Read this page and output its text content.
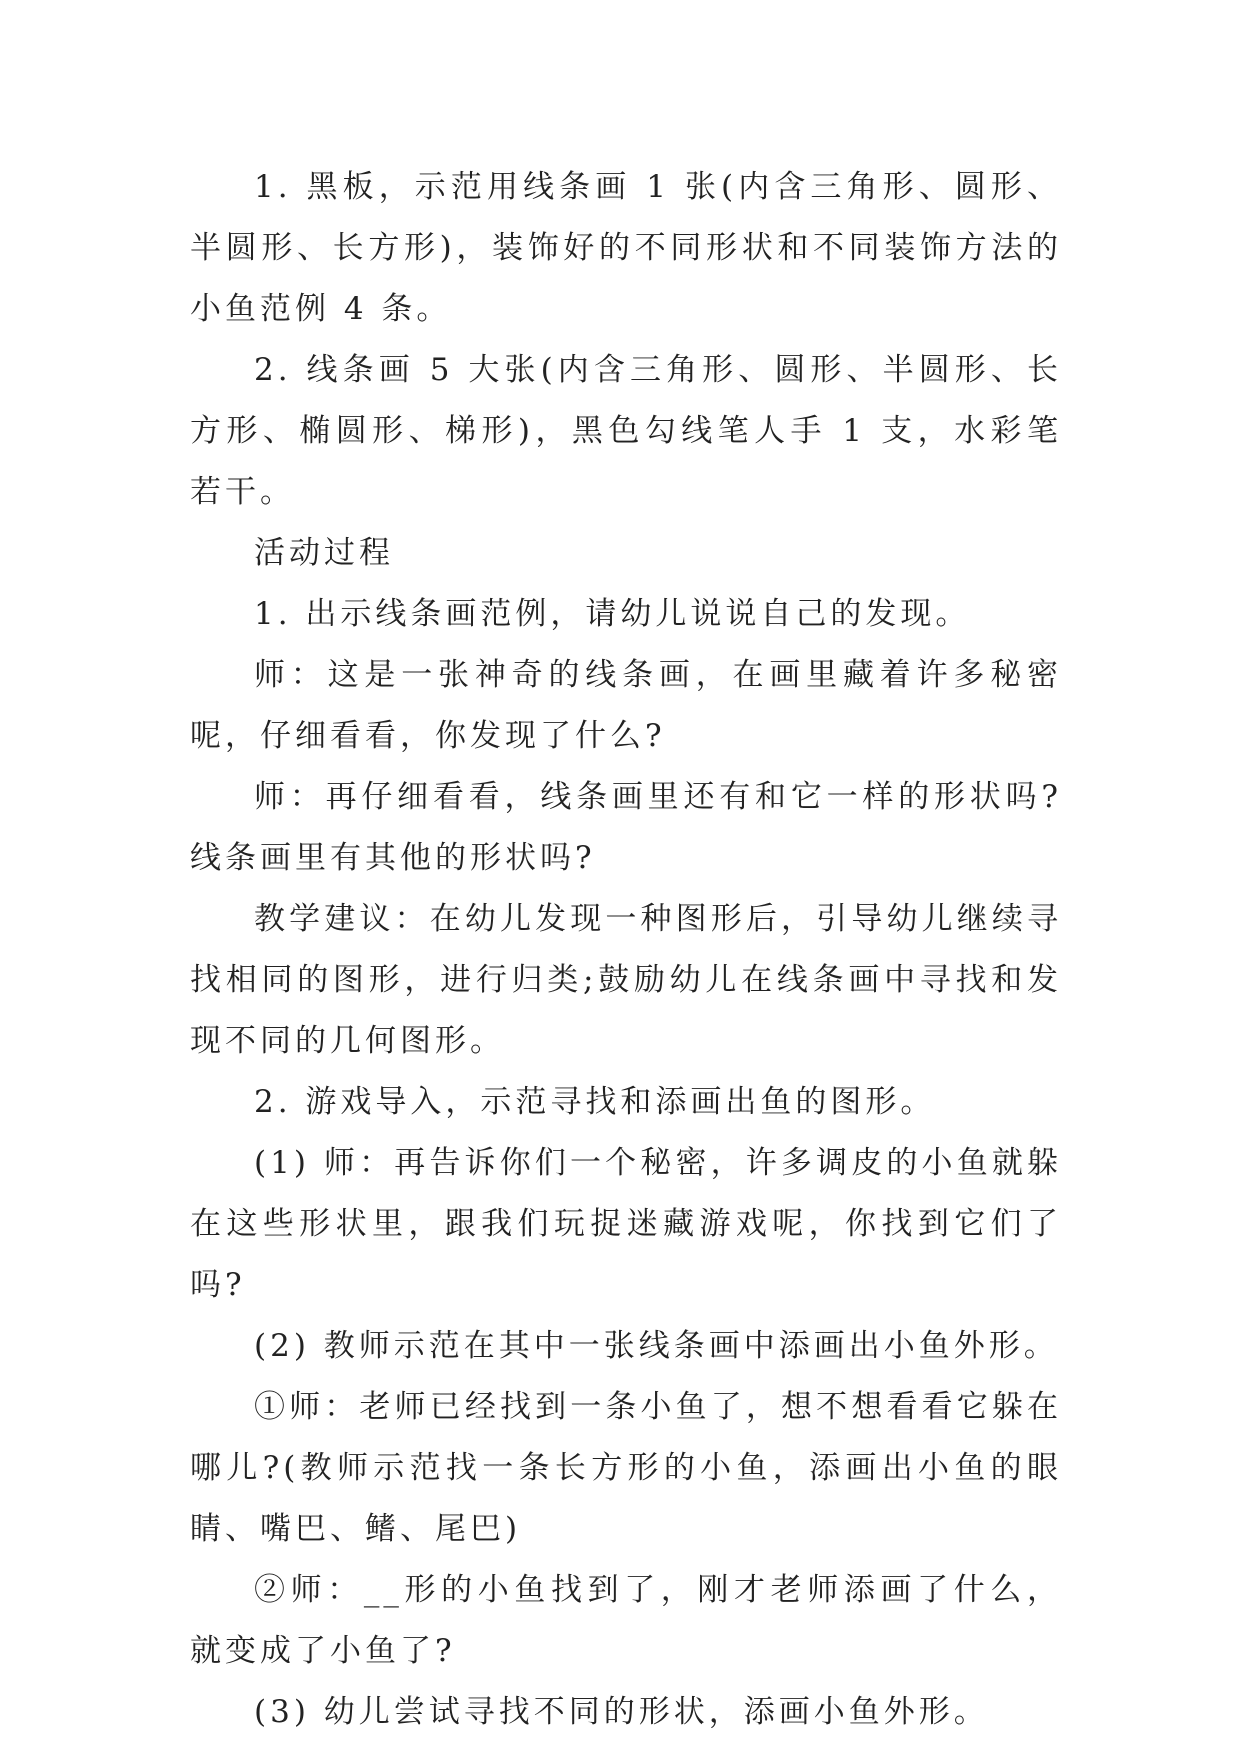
1. 黑板，示范用线条画 1 张(内含三角形、圆形、半圆形、长方形)，装饰好的不同形状和不同装饰方法的小鱼范例 4 条。

2. 线条画 5 大张(内含三角形、圆形、半圆形、长方形、椭圆形、梯形)，黑色勾线笔人手 1 支，水彩笔若干。

活动过程

1. 出示线条画范例，请幼儿说说自己的发现。

师：这是一张神奇的线条画，在画里藏着许多秘密呢，仔细看看，你发现了什么?

师：再仔细看看，线条画里还有和它一样的形状吗?线条画里有其他的形状吗?

教学建议：在幼儿发现一种图形后，引导幼儿继续寻找相同的图形，进行归类;鼓励幼儿在线条画中寻找和发现不同的几何图形。

2. 游戏导入，示范寻找和添画出鱼的图形。

(1) 师：再告诉你们一个秘密，许多调皮的小鱼就躲在这些形状里，跟我们玩捉迷藏游戏呢，你找到它们了吗?

(2) 教师示范在其中一张线条画中添画出小鱼外形。

①师：老师已经找到一条小鱼了，想不想看看它躲在哪儿?(教师示范找一条长方形的小鱼，添画出小鱼的眼睛、嘴巴、鳍、尾巴)

②师：__形的小鱼找到了，刚才老师添画了什么，就变成了小鱼了?

(3) 幼儿尝试寻找不同的形状，添画小鱼外形。
